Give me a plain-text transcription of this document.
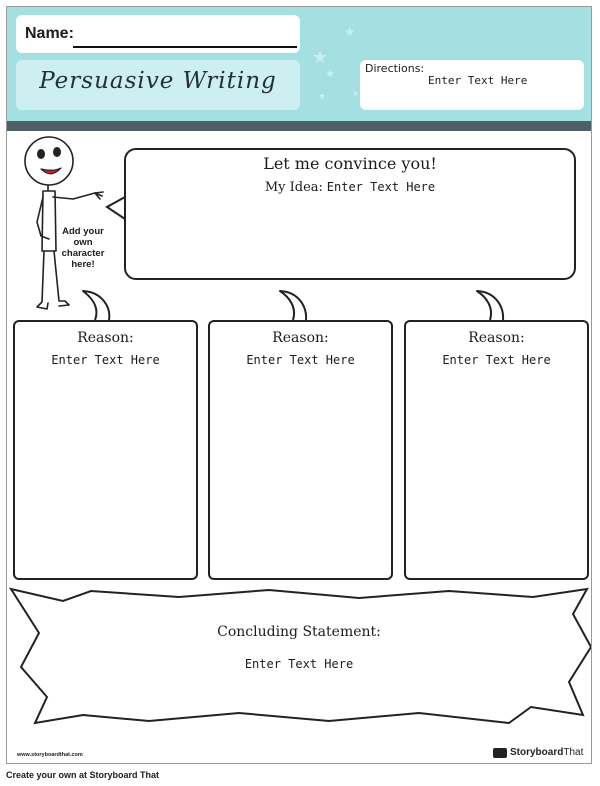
★
★
★
★	★
Name:
Persuasive Writing	Directions:
Enter Text Here
Add your own character here!
Let me convince you!
My Idea: Enter Text Here
Reason:
Enter Text Here
Reason:
Enter Text Here
Reason:
Enter Text Here
Concluding Statement:
Enter Text Here
www.storyboardthat.com	StoryboardThat
Create your own at Storyboard That
